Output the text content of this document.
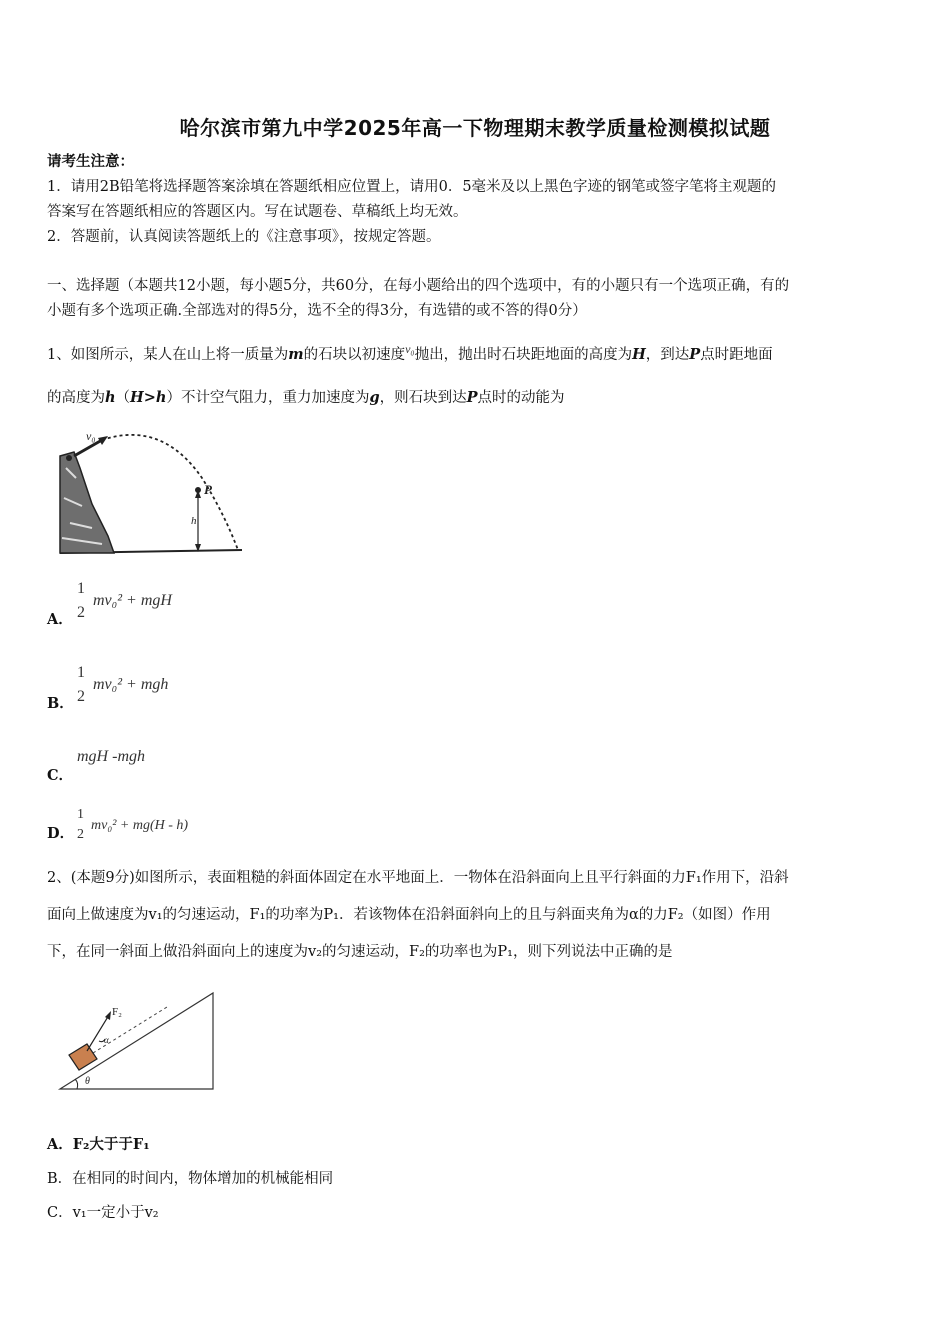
哈尔滨市第九中学2025年高一下物理期末教学质量检测模拟试题
请考生注意：
1．请用2B铅笔将选择题答案涂填在答题纸相应位置上，请用0．5毫米及以上黑色字迹的钢笔或签字笔将主观题的
答案写在答题纸相应的答题区内。写在试题卷、草稿纸上均无效。
2．答题前，认真阅读答题纸上的《注意事项》，按规定答题。
一、选择题（本题共12小题，每小题5分，共60分，在每小题给出的四个选项中，有的小题只有一个选项正确，有的
小题有多个选项正确.全部选对的得5分，选不全的得3分，有选错的或不答的得0分）
1、如图所示，某人在山上将一质量为m的石块以初速度$^{v_0}$抛出，抛出时石块距地面的高度为H，到达P点时距地面
的高度为h（H>h）不计空气阻力，重力加速度为g，则石块到达P点时的动能为
v₀
P
h
A．
1
2
mv₀² + mgH
B．
1
2
mv₀² + mgh
C．
mgH -mgh
D．
1
2
mv₀² + mg(H - h)
2、(本题9分)如图所示，表面粗糙的斜面体固定在水平地面上．一物体在沿斜面向上且平行斜面的力F₁作用下，沿斜
面向上做速度为v₁的匀速运动，F₁的功率为P₁．若该物体在沿斜面斜向上的且与斜面夹角为α的力F₂（如图）作用
下，在同一斜面上做沿斜面向上的速度为v₂的匀速运动，F₂的功率也为P₁，则下列说法中正确的是
F₂
α
θ
A．F₂大于于F₁
B．在相同的时间内，物体增加的机械能相同
C．v₁一定小于v₂
